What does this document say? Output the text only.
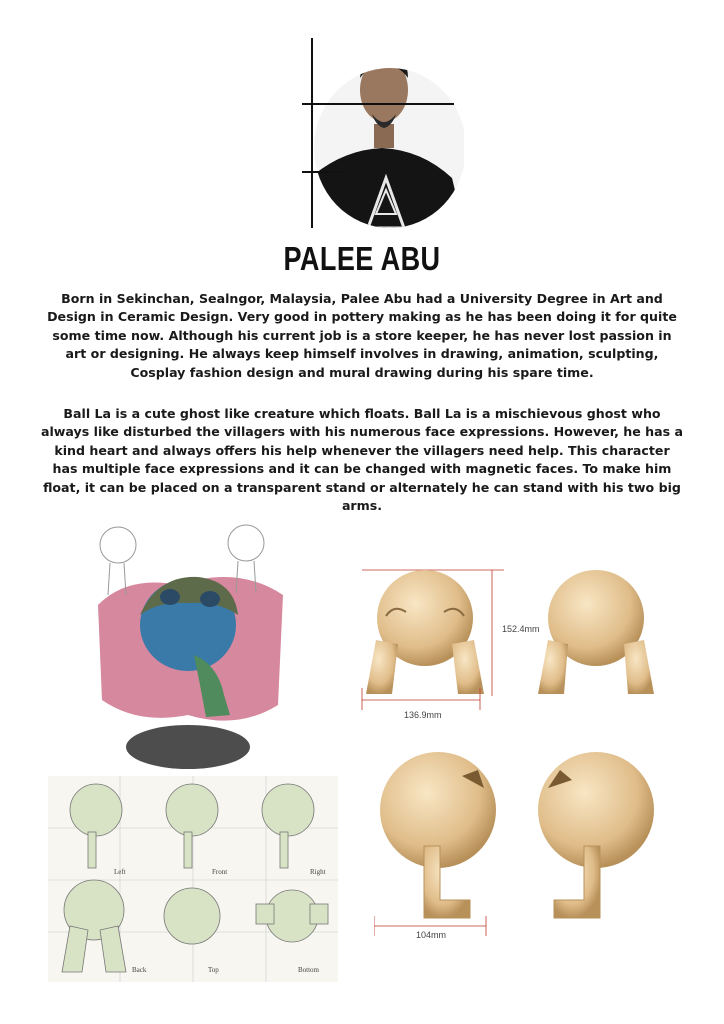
PALEE ABU

Born in Sekinchan, Sealngor, Malaysia, Palee Abu had a University Degree in Art and Design in Ceramic Design. Very good in pottery making as he has been doing it for quite some time now. Although his current job is a store keeper, he has never lost passion in art or designing. He always keep himself involves in drawing, animation, sculpting, Cosplay fashion design and mural drawing during his spare time.

Ball La is a cute ghost like creature which floats. Ball La is a mischievous ghost who always like disturbed the villagers with his numerous face expressions. However, he has a kind heart and always offers his help whenever the villagers need help. This character has multiple face expressions and it can be changed with magnetic faces. To make him float, it can be placed on a transparent stand or alternately he can stand with his two big arms.

Left	Front	Right
Back	Top	Bottom
152.4mm
136.9mm
104mm
